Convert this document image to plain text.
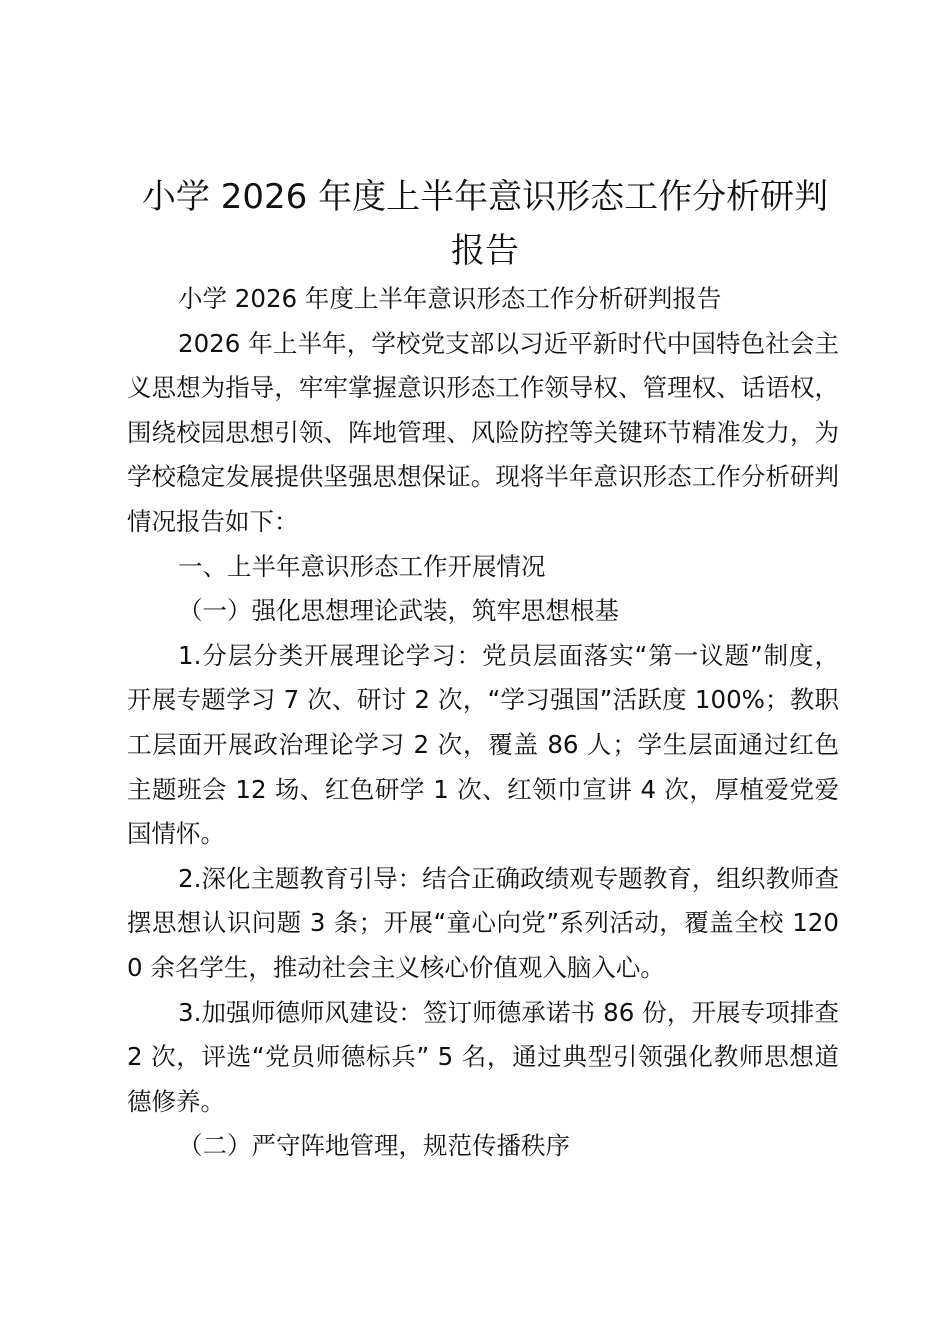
小学 2026 年度上半年意识形态工作分析研判报告

小学 2026 年度上半年意识形态工作分析研判报告

2026 年上半年，学校党支部以习近平新时代中国特色社会主义思想为指导，牢牢掌握意识形态工作领导权、管理权、话语权，围绕校园思想引领、阵地管理、风险防控等关键环节精准发力，为学校稳定发展提供坚强思想保证。现将半年意识形态工作分析研判情况报告如下：

一、上半年意识形态工作开展情况

（一）强化思想理论武装，筑牢思想根基

1.分层分类开展理论学习：党员层面落实“第一议题”制度，开展专题学习 7 次、研讨 2 次，“学习强国”活跃度 100%；教职工层面开展政治理论学习 2 次，覆盖 86 人；学生层面通过红色主题班会 12 场、红色研学 1 次、红领巾宣讲 4 次，厚植爱党爱国情怀。

2.深化主题教育引导：结合正确政绩观专题教育，组织教师查摆思想认识问题 3 条；开展“童心向党”系列活动，覆盖全校 1200 余名学生，推动社会主义核心价值观入脑入心。

3.加强师德师风建设：签订师德承诺书 86 份，开展专项排查 2 次，评选“党员师德标兵” 5 名，通过典型引领强化教师思想道德修养。

（二）严守阵地管理，规范传播秩序
